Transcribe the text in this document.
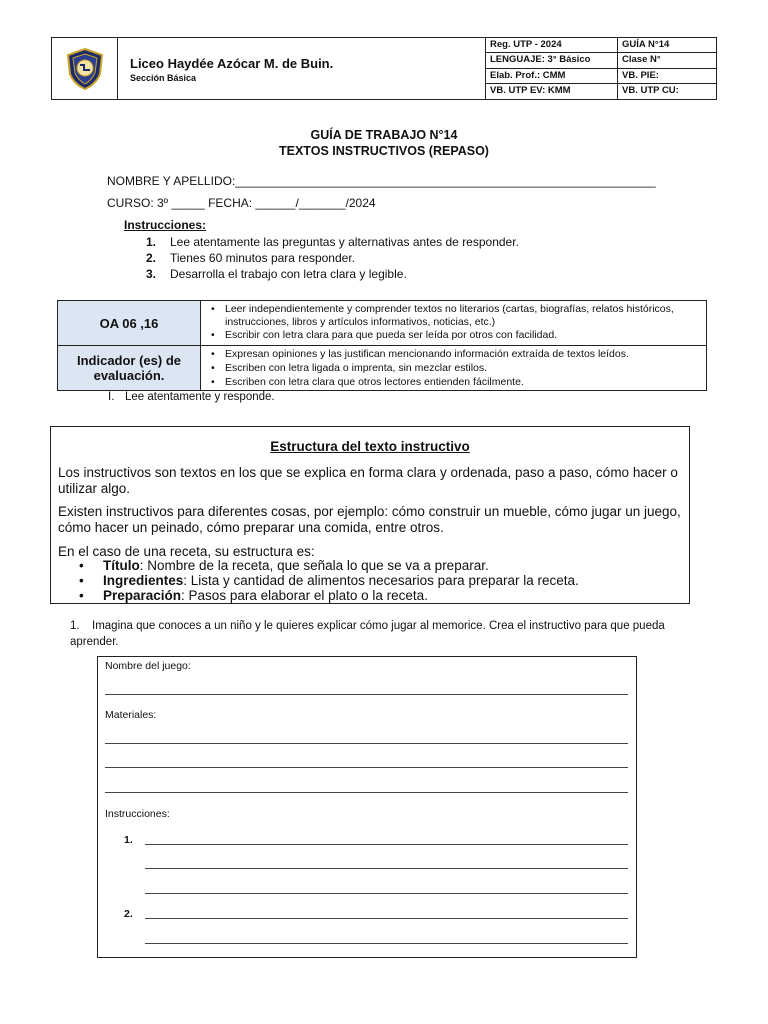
Liceo Haydée Azócar M. de Buin.
Sección Básica
Reg. UTP - 2024	GUÍA N°14
LENGUAJE: 3° Básico	Clase N°
Elab. Prof.: CMM	VB. PIE:
VB. UTP EV: KMM	VB. UTP CU:
GUÍA DE TRABAJO N°14
TEXTOS INSTRUCTIVOS (REPASO)
NOMBRE Y APELLIDO:_______________________________________________________________
CURSO: 3º _____ FECHA: ______/_______/2024
Instrucciones:
1. Lee atentamente las preguntas y alternativas antes de responder.
2. Tienes 60 minutos para responder.
3. Desarrolla el trabajo con letra clara y legible.
OA 06 ,16	• Leer independientemente y comprender textos no literarios (cartas, biografías, relatos históricos, instrucciones, libros y artículos informativos, noticias, etc.)
• Escribir con letra clara para que pueda ser leída por otros con facilidad.

Indicador (es) de evaluación.	• Expresan opiniones y las justifican mencionando información extraída de textos leídos.
• Escriben con letra ligada o imprenta, sin mezclar estilos.
• Escriben con letra clara que otros lectores entienden fácilmente.
I. Lee atentamente y responde.
Estructura del texto instructivo

Los instructivos son textos en los que se explica en forma clara y ordenada, paso a paso, cómo hacer o utilizar algo.

Existen instructivos para diferentes cosas, por ejemplo: cómo construir un mueble, cómo jugar un juego, cómo hacer un peinado, cómo preparar una comida, entre otros.

En el caso de una receta, su estructura es:

• Título: Nombre de la receta, que señala lo que se va a preparar.
• Ingredientes: Lista y cantidad de alimentos necesarios para preparar la receta.
• Preparación: Pasos para elaborar el plato o la receta.
1. Imagina que conoces a un niño y le quieres explicar cómo jugar al memorice. Crea el instructivo para que pueda aprender.
Nombre del juego:
Materiales:
Instrucciones:
1.
2.
